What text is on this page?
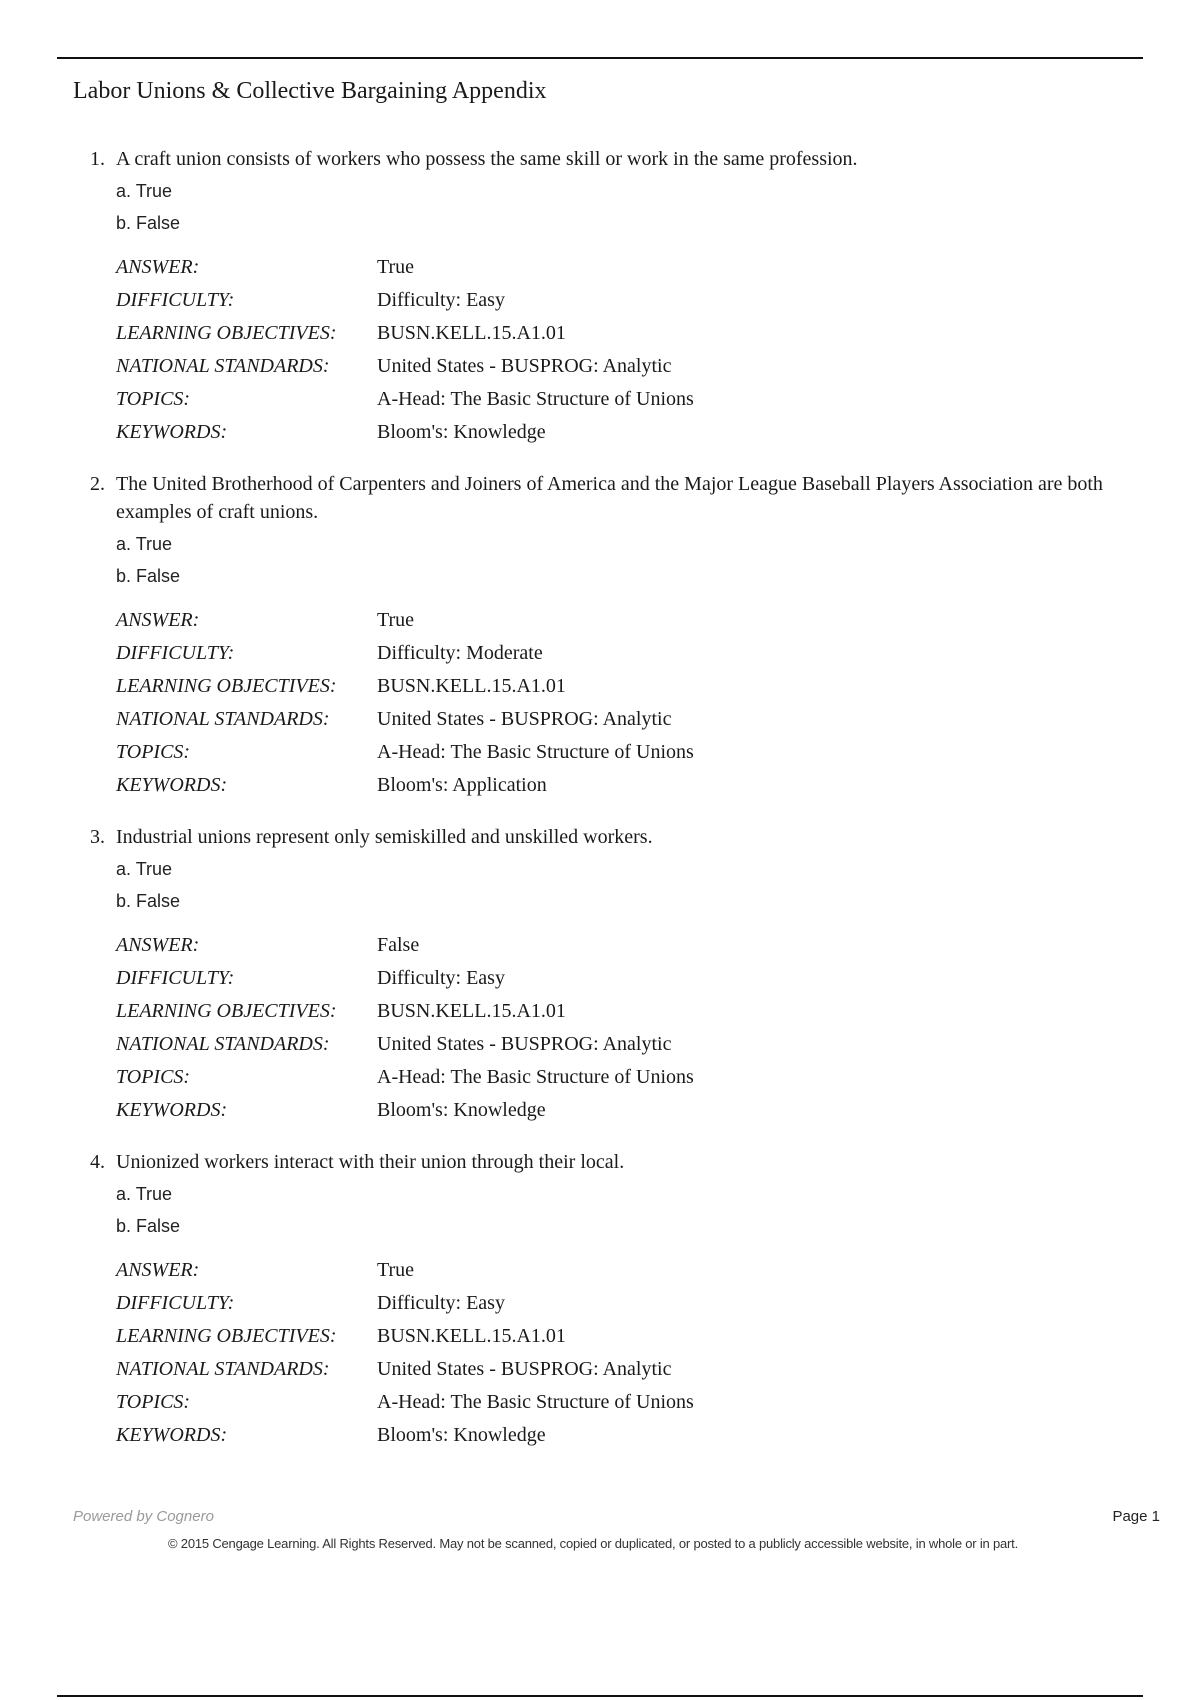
Labor Unions & Collective Bargaining Appendix
1. A craft union consists of workers who possess the same skill or work in the same profession.
a. True
b. False
ANSWER:	True
DIFFICULTY:	Difficulty: Easy
LEARNING OBJECTIVES:	BUSN.KELL.15.A1.01
NATIONAL STANDARDS:	United States - BUSPROG: Analytic
TOPICS:	A-Head: The Basic Structure of Unions
KEYWORDS:	Bloom's: Knowledge
2. The United Brotherhood of Carpenters and Joiners of America and the Major League Baseball Players Association are both examples of craft unions.
a. True
b. False
ANSWER:	True
DIFFICULTY:	Difficulty: Moderate
LEARNING OBJECTIVES:	BUSN.KELL.15.A1.01
NATIONAL STANDARDS:	United States - BUSPROG: Analytic
TOPICS:	A-Head: The Basic Structure of Unions
KEYWORDS:	Bloom's: Application
3. Industrial unions represent only semiskilled and unskilled workers.
a. True
b. False
ANSWER:	False
DIFFICULTY:	Difficulty: Easy
LEARNING OBJECTIVES:	BUSN.KELL.15.A1.01
NATIONAL STANDARDS:	United States - BUSPROG: Analytic
TOPICS:	A-Head: The Basic Structure of Unions
KEYWORDS:	Bloom's: Knowledge
4. Unionized workers interact with their union through their local.
a. True
b. False
ANSWER:	True
DIFFICULTY:	Difficulty: Easy
LEARNING OBJECTIVES:	BUSN.KELL.15.A1.01
NATIONAL STANDARDS:	United States - BUSPROG: Analytic
TOPICS:	A-Head: The Basic Structure of Unions
KEYWORDS:	Bloom's: Knowledge
Powered by Cognero	Page 1
© 2015 Cengage Learning. All Rights Reserved. May not be scanned, copied or duplicated, or posted to a publicly accessible website, in whole or in part.
